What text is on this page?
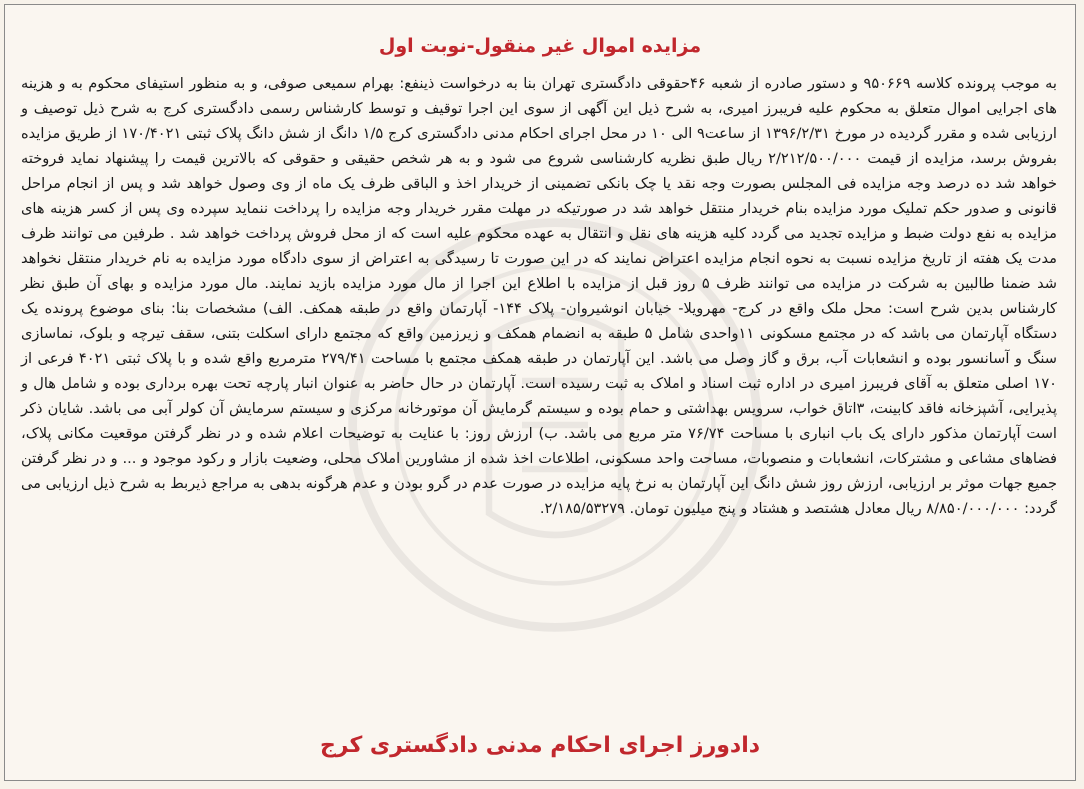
مزایده اموال غیر منقول-نوبت اول
به موجب پرونده کلاسه ۹۵۰۶۶۹ و دستور صادره از شعبه ۴۶حقوقی دادگستری تهران بنا به درخواست ذینفع: بهرام سمیعی صوفی، و به منظور استیفای محکوم به و هزینه های اجرایی اموال متعلق به محکوم علیه فریبرز امیری، به شرح ذیل این آگهی از سوی این اجرا توقیف و توسط کارشناس رسمی دادگستری کرج به شرح ذیل توصیف و ارزیابی شده و مقرر گردیده در مورخ ۱۳۹۶/۲/۳۱ از ساعت۹ الی ۱۰ در محل اجرای احکام مدنی دادگستری کرج ۱/۵ دانگ از شش دانگ پلاک ثبتی ۱۷۰/۴۰۲۱ از طریق مزایده بفروش برسد، مزایده از قیمت ۲/۲۱۲/۵۰۰/۰۰۰ ریال طبق نظریه کارشناسی شروع می شود و به هر شخص حقیقی و حقوقی که بالاترین قیمت را پیشنهاد نماید فروخته خواهد شد ده درصد وجه مزایده فی المجلس بصورت وجه نقد یا چک بانکی تضمینی از خریدار اخذ و الباقی ظرف یک ماه از وی وصول خواهد شد و پس از انجام مراحل قانونی و صدور حکم تملیک مورد مزایده بنام خریدار منتقل خواهد شد در صورتیکه در مهلت مقرر خریدار وجه مزایده را پرداخت ننماید سپرده وی پس از کسر هزینه های مزایده به نفع دولت ضبط و مزایده تجدید می گردد کلیه هزینه های نقل و انتقال به عهده محکوم علیه است که از محل فروش پرداخت خواهد شد . طرفین می توانند ظرف مدت یک هفته از تاریخ مزایده نسبت به نحوه انجام مزایده اعتراض نمایند که در این صورت تا رسیدگی به اعتراض از سوی دادگاه مورد مزایده به نام خریدار منتقل نخواهد شد ضمنا طالبین به شرکت در مزایده می توانند ظرف ۵ روز قبل از مزایده با اطلاع این اجرا از مال مورد مزایده بازید نمایند. مال مورد مزایده و بهای آن طبق نظر کارشناس بدین شرح است: محل ملک واقع در کرج- مهرویلا- خیابان انوشیروان- پلاک ۱۴۴- آپارتمان واقع در طبقه همکف. الف) مشخصات بنا: بنای موضوع پرونده یک دستگاه آپارتمان می باشد که در مجتمع مسکونی ۱۱واحدی شامل ۵ طبقه به انضمام همکف و زیرزمین واقع که مجتمع دارای اسکلت بتنی، سقف تیرچه و بلوک، نماسازی سنگ و آسانسور بوده و انشعابات آب، برق و گاز وصل می باشد. این آپارتمان در طبقه همکف مجتمع با مساحت ۲۷۹/۴۱ مترمربع واقع شده و با پلاک ثبتی ۴۰۲۱ فرعی از ۱۷۰ اصلی متعلق به آقای فریبرز امیری در اداره ثبت اسناد و املاک به ثبت رسیده است. آپارتمان در حال حاضر به عنوان انبار پارچه تحت بهره برداری بوده و شامل هال و پذیرایی، آشپزخانه فاقد کابینت، ۳اتاق خواب، سرویس بهداشتی و حمام بوده و سیستم گرمایش آن موتورخانه مرکزی و سیستم سرمایش آن کولر آبی می باشد. شایان ذکر است آپارتمان مذکور دارای یک باب انباری با مساحت ۷۶/۷۴ متر مربع می باشد. ب) ارزش روز: با عنایت به توضیحات اعلام شده و در نظر گرفتن موقعیت مکانی پلاک، فضاهای مشاعی و مشترکات، انشعابات و منصوبات، مساحت واحد مسکونی، اطلاعات اخذ شده از مشاورین املاک محلی، وضعیت بازار و رکود موجود و ... و در نظر گرفتن جمیع جهات موثر بر ارزیابی، ارزش روز شش دانگ این آپارتمان به نرخ پایه مزایده در صورت عدم در گرو بودن و عدم هرگونه بدهی به مراجع ذیربط به شرح ذیل ارزیابی می گردد: ۸/۸۵۰/۰۰۰/۰۰۰ ریال معادل هشتصد و هشتاد و پنج میلیون تومان. ۲/۱۸۵/۵۳۲۷۹.
دادورز اجرای احکام مدنی دادگستری کرج
